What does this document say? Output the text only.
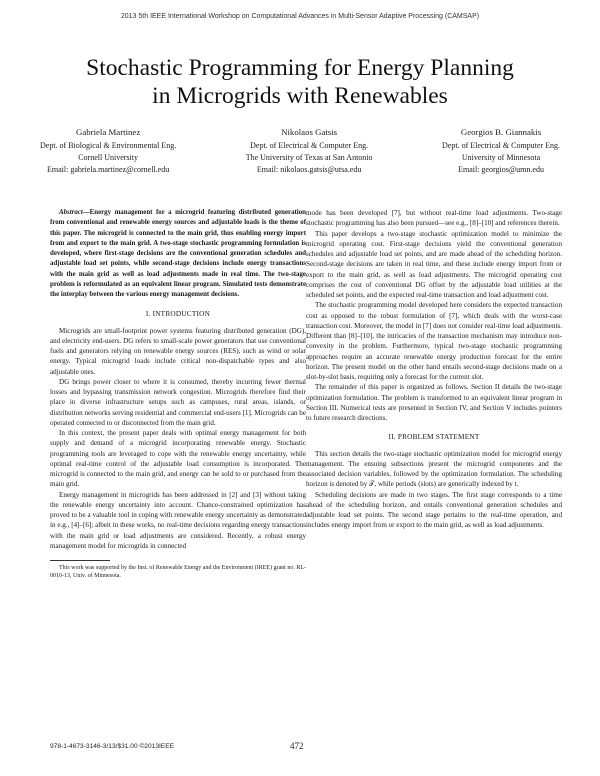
2013 5th IEEE International Workshop on Computational Advances in Multi-Sensor Adaptive Processing (CAMSAP)
Stochastic Programming for Energy Planning
in Microgrids with Renewables
Gabriela Martinez
Dept. of Biological & Environmental Eng.
Cornell University
Email: gabriela.martinez@cornell.edu
Nikolaos Gatsis
Dept. of Electrical & Computer Eng.
The University of Texas at San Antonio
Email: nikolaos.gatsis@utsa.edu
Georgios B. Giannakis
Dept. of Electrical & Computer Eng.
University of Minnesota
Email: georgios@umn.edu

Abstract—Energy management for a microgrid featuring distributed generation from conventional and renewable energy sources and adjustable loads is the theme of this paper. The microgrid is connected to the main grid, thus enabling energy import from and export to the main grid. A two-stage stochastic programming formulation is developed, where first-stage decisions are the conventional generation schedules and adjustable load set points, while second-stage decisions include energy transactions with the main grid as well as load adjustments made in real time. The two-stage problem is reformulated as an equivalent linear program. Simulated tests demonstrate the interplay between the various energy management decisions.

I. INTRODUCTION

Microgrids are small-footprint power systems featuring distributed generation (DG), and electricity end-users. DG refers to small-scale power generators that use conventional fuels and generators relying on renewable energy sources (RES), such as wind or solar energy. Typical microgrid loads include critical non-dispatchable types and also adjustable ones.

DG brings power closer to where it is consumed, thereby incurring fewer thermal losses and bypassing transmission network congestion. Microgrids therefore find their place in diverse infrastructure setups such as campuses, rural areas, islands, or distribution networks serving residential and commercial end-users [1]. Microgrids can be operated connected to or disconnected from the main grid.

In this context, the present paper deals with optimal energy management for both supply and demand of a microgrid incorporating renewable energy. Stochastic programming tools are leveraged to cope with the renewable energy uncertainty, while optimal real-time control of the adjustable load consumption is incorporated. The microgrid is connected to the main grid, and energy can be sold to or purchased from the main grid.

Energy management in microgrids has been addressed in [2] and [3] without taking the renewable energy uncertainty into account. Chance-constrained optimization has proved to be a valuable tool in coping with renewable energy uncertainty as demonstrated in e.g., [4]–[6]; albeit in these works, no real-time decisions regarding energy transactions with the main grid or load adjustments are considered. Recently, a robust energy management model for microgrids in connected

This work was supported by the Inst. of Renewable Energy and the Environment (IREE) grant no. RL-0010-13, Univ. of Minnesota.

mode has been developed [7], but without real-time load adjustments. Two-stage stochastic programming has also been pursued—see e.g., [8]–[10] and references therein.

This paper develops a two-stage stochastic optimization model to minimize the microgrid operating cost. First-stage decisions yield the conventional generation schedules and adjustable load set points, and are made ahead of the scheduling horizon. Second-stage decisions are taken in real time, and these include energy import from or export to the main grid, as well as load adjustments. The microgrid operating cost comprises the cost of conventional DG offset by the adjustable load utilities at the scheduled set points, and the expected real-time transaction and load adjustment cost.

The stochastic programming model developed here considers the expected transaction cost as opposed to the robust formulation of [7], which deals with the worst-case transaction cost. Moreover, the model in [7] does not consider real-time load adjustments. Different than [8]–[10], the intricacies of the transaction mechanism may introduce non-convexity in the problem. Furthermore, typical two-stage stochastic programming approaches require an accurate renewable energy production forecast for the entire horizon. The present model on the other hand entails second-stage decisions made on a slot-by-slot basis, requiring only a forecast for the current slot.

The remainder of this paper is organized as follows. Section II details the two-stage optimization formulation. The problem is transformed to an equivalent linear program in Section III. Numerical tests are presented in Section IV, and Section V includes pointers to future research directions.

II. PROBLEM STATEMENT

This section details the two-stage stochastic optimization model for microgrid energy management. The ensuing subsections present the microgrid components and the associated decision variables, followed by the optimization formulation. The scheduling horizon is denoted by 𝒯, while periods (slots) are generically indexed by t.

Scheduling decisions are made in two stages. The first stage corresponds to a time ahead of the scheduling horizon, and entails conventional generation schedules and adjustable load set points. The second stage pertains to the real-time operation, and includes energy import from or export to the main grid, as well as load adjustments.

978-1-4673-3146-3/13/$31.00 ©2013IEEE	472
